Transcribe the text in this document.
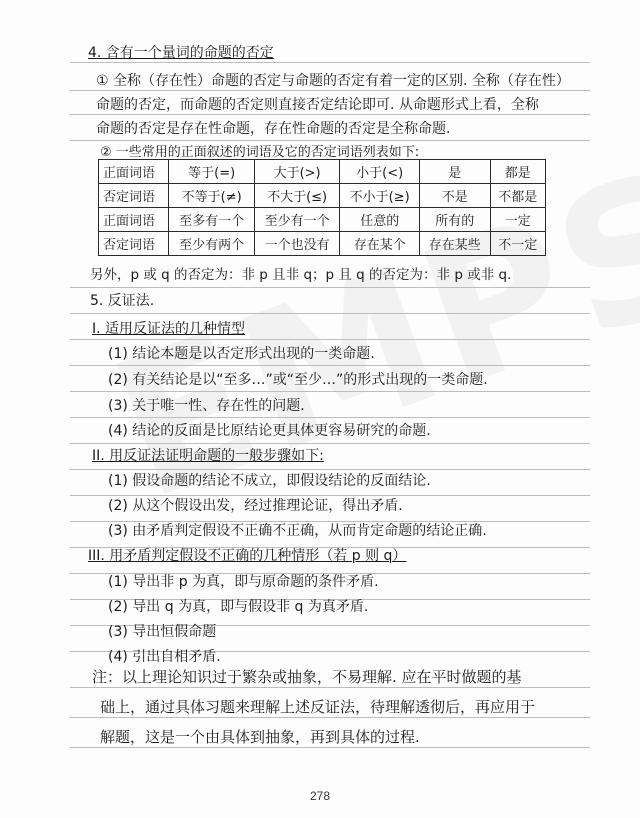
4. 含有一个量词的命题的否定
① 全称（存在性）命题的否定与命题的否定有着一定的区别. 全称（存在性）
命题的否定，而命题的否定则直接否定结论即可. 从命题形式上看，全称
命题的否定是存在性命题，存在性命题的否定是全称命题.
② 一些常用的正面叙述的词语及它的否定词语列表如下:
正面词语	等于(=)	大于(>)	小于(<)	是	都是
否定词语	不等于(≠)	不大于(≤)	不小于(≥)	不是	不都是
正面词语	至多有一个	至少有一个	任意的	所有的	一定
否定词语	至少有两个	一个也没有	存在某个	存在某些	不一定
另外，p 或 q 的否定为：非 p 且非 q；p 且 q 的否定为：非 p 或非 q.
5. 反证法.
I. 适用反证法的几种情型
(1) 结论本题是以否定形式出现的一类命题.
(2) 有关结论是以“至多…”或“至少…”的形式出现的一类命题.
(3) 关于唯一性、存在性的问题.
(4) 结论的反面是比原结论更具体更容易研究的命题.
II. 用反证法证明命题的一般步骤如下:
(1) 假设命题的结论不成立，即假设结论的反面结论.
(2) 从这个假设出发，经过推理论证，得出矛盾.
(3) 由矛盾判定假设不正确不正确，从而肯定命题的结论正确.
III. 用矛盾判定假设不正确的几种情形（若 p 则 q）
(1) 导出非 p 为真，即与原命题的条件矛盾.
(2) 导出 q 为真，即与假设非 q 为真矛盾.
(3) 导出恒假命题
(4) 引出自相矛盾.
注：以上理论知识过于繁杂或抽象，不易理解. 应在平时做题的基
础上，通过具体习题来理解上述反证法，待理解透彻后，再应用于
解题，这是一个由具体到抽象，再到具体的过程.
278
